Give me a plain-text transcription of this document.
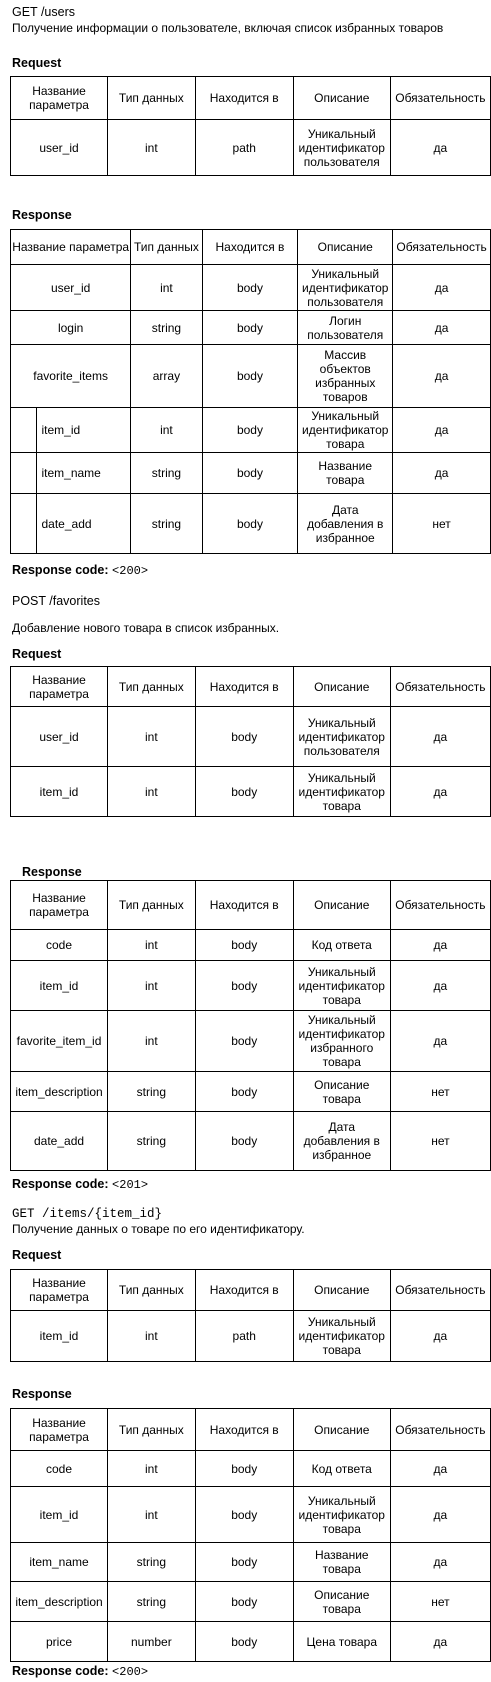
GET /users
Получение информации о пользователе, включая список избранных товаров
Request
Название параметра	Тип данных	Находится в	Описание	Обязательность
user_id	int	path	Уникальный идентификатор пользователя	да
Response
Название параметра		Тип данных	Находится в	Описание	Обязательность
user_id		int	body	Уникальный идентификатор пользователя	да
login		string	body	Логин пользователя	да
favorite_items		array	body	Массив объектов избранных товаров	да
	item_id	int	body	Уникальный идентификатор товара	да
	item_name	string	body	Название товара	да
	date_add	string	body	Дата добавления в избранное	нет
Response code: <200>
POST /favorites
Добавление нового товара в список избранных.
Request
Название параметра	Тип данных	Находится в	Описание	Обязательность
user_id	int	body	Уникальный идентификатор пользователя	да
item_id	int	body	Уникальный идентификатор товара	да
Response
Название параметра	Тип данных	Находится в	Описание	Обязательность
code	int	body	Код ответа	да
item_id	int	body	Уникальный идентификатор товара	да
favorite_item_id	int	body	Уникальный идентификатор избранного товара	да
item_description	string	body	Описание товара	нет
date_add	string	body	Дата добавления в избранное	нет
Response code: <201>
GET /items/{item_id}
Получение данных о товаре по его идентификатору.
Request
Название параметра	Тип данных	Находится в	Описание	Обязательность
item_id	int	path	Уникальный идентификатор товара	да
Response
Название параметра	Тип данных	Находится в	Описание	Обязательность
code	int	body	Код ответа	да
item_id	int	body	Уникальный идентификатор товара	да
item_name	string	body	Название товара	да
item_description	string	body	Описание товара	нет
price	number	body	Цена товара	да
Response code: <200>
